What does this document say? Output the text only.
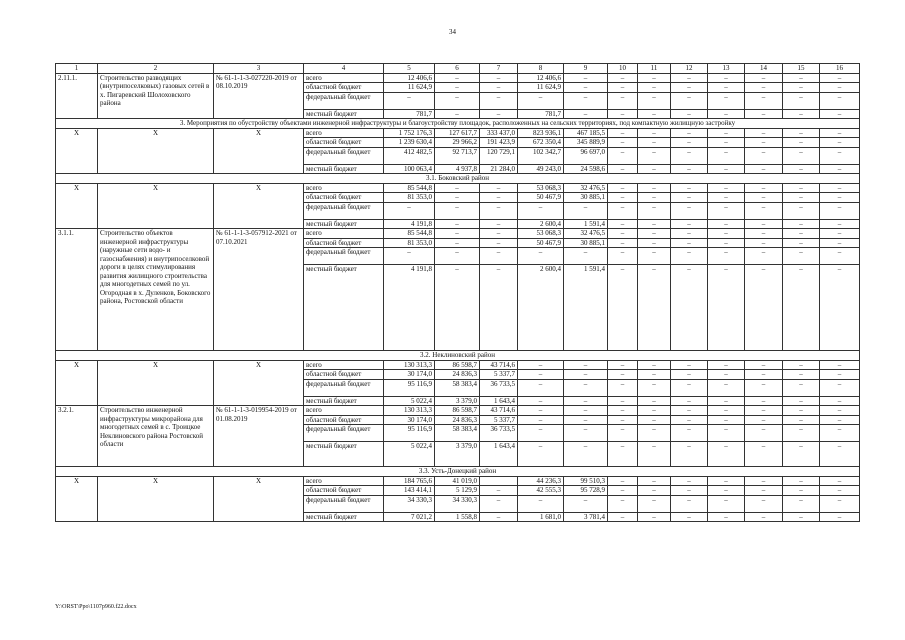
34
1	2	3	4	5	6	7	8	9	10	11	12	13	14	15	16
2.11.1.	Строительство разводящих (внутрипоселковых) газовых сетей в х. Пигаревский Шолоховского района	№ 61-1-1-3-027220-2019 от 08.10.2019	всего	12 406,6	–	–	12 406,6	–	–	–	–	–	–	–	–
			областной бюджет	11 624,9	–	–	11 624,9	–	–	–	–	–	–	–	–
			федеральный бюджет	–	–	–	–	–	–	–	–	–	–	–	–
			местный бюджет	781,7	–	–	781,7	–	–	–	–	–	–	–	–
3. Мероприятия по обустройству объектами инженерной инфраструктуры и благоустройству площадок, расположенных на сельских территориях, под компактную жилищную застройку															
Х	Х	Х	всего	1 752 176,3	127 617,7	333 437,0	823 936,1	467 185,5	–	–	–	–	–	–	–
			областной бюджет	1 239 630,4	29 966,2	191 423,9	672 350,4	345 889,9	–	–	–	–	–	–	–
			федеральный бюджет	412 482,5	92 713,7	120 729,1	102 342,7	96 697,0	–	–	–	–	–	–	–
			местный бюджет	100 063,4	4 937,8	21 284,0	49 243,0	24 598,6	–	–	–	–	–	–	–
3.1. Боковский район															
Х	Х	Х	всего	85 544,8	–	–	53 068,3	32 476,5	–	–	–	–	–	–	–
			областной бюджет	81 353,0	–	–	50 467,9	30 885,1	–	–	–	–	–	–	–
			федеральный бюджет	–	–	–	–	–	–	–	–	–	–	–	–
			местный бюджет	4 191,8	–	–	2 600,4	1 591,4	–	–	–	–	–	–	–
3.1.1.	Строительство объектов инженерной инфраструктуры (наружные сети водо- и газоснабжения) и внутрипоселковой дороги в целях стимулирования развития жилищного строительства для многодетных семей по ул. Огородная в х. Дуленков, Боковского района, Ростовской области	№ 61-1-1-3-057912-2021 от 07.10.2021	всего	85 544,8	–	–	53 068,3	32 476,5	–	–	–	–	–	–	–
			областной бюджет	81 353,0	–	–	50 467,9	30 885,1	–	–	–	–	–	–	–
			федеральный бюджет	–	–	–	–	–	–	–	–	–	–	–	–
			местный бюджет	4 191,8	–	–	2 600,4	1 591,4	–	–	–	–	–	–	–
3.2. Неклиновский район															
Х	Х	Х	всего	130 313,3	86 598,7	43 714,6	–	–	–	–	–	–	–	–	–
			областной бюджет	30 174,0	24 836,3	5 337,7	–	–	–	–	–	–	–	–	–
			федеральный бюджет	95 116,9	58 383,4	36 733,5	–	–	–	–	–	–	–	–	–
			местный бюджет	5 022,4	3 379,0	1 643,4	–	–	–	–	–	–	–	–	–
3.2.1.	Строительство инженерной инфраструктуры микрорайона для многодетных семей в с. Троицкое Неклиновского района Ростовской области	№ 61-1-1-3-019954-2019 от 01.08.2019	всего	130 313,3	86 598,7	43 714,6	–	–	–	–	–	–	–	–	–
			областной бюджет	30 174,0	24 836,3	5 337,7	–	–	–	–	–	–	–	–	–
			федеральный бюджет	95 116,9	58 383,4	36 733,5	–	–	–	–	–	–	–	–	–
			местный бюджет	5 022,4	3 379,0	1 643,4	–	–	–	–	–	–	–	–	–
3.3. Усть-Донецкий район															
Х	Х	Х	всего	184 765,6	41 019,0		44 236,3	99 510,3	–	–	–	–	–	–	–
			областной бюджет	143 414,1	5 129,9	–	42 555,3	95 728,9	–	–	–	–	–	–	–
			федеральный бюджет	34 330,3	34 330,3	–	–	–	–	–	–	–	–	–	–
			местный бюджет	7 021,2	1 558,8	–	1 681,0	3 781,4	–	–	–	–	–	–	–
Y:\ORST\Ppo\1107p960.f22.docx
